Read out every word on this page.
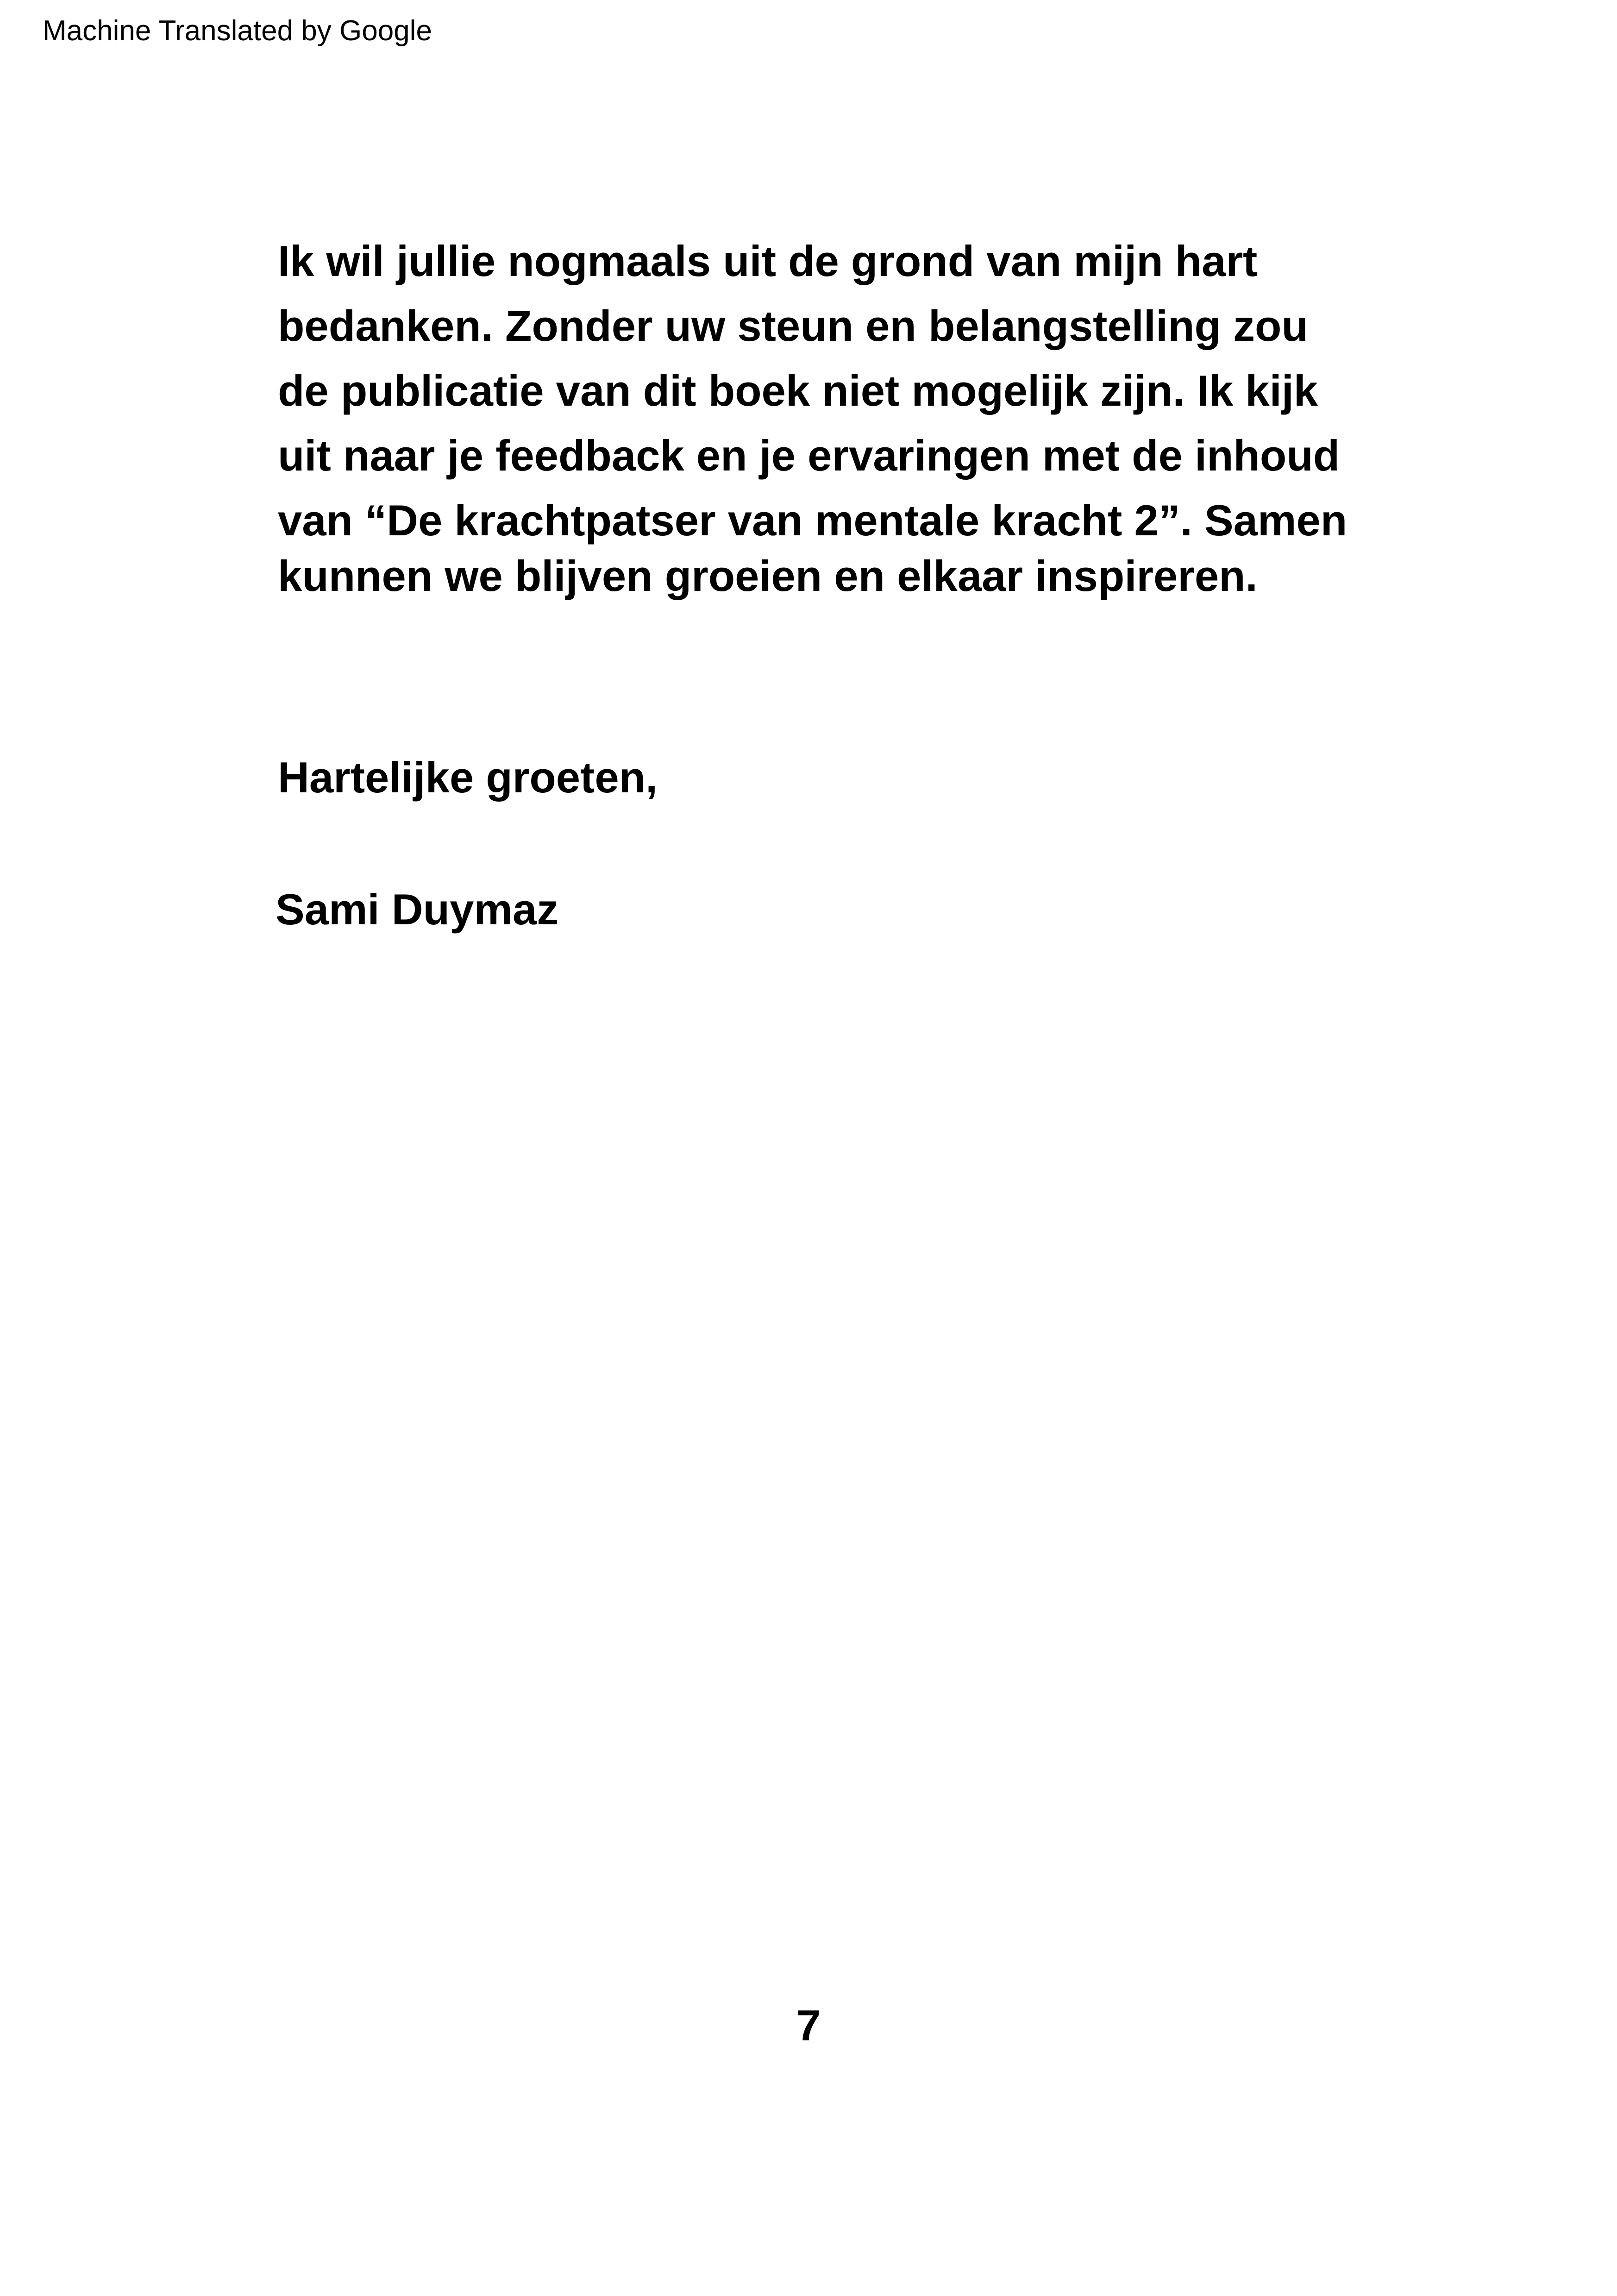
Machine Translated by Google
Ik wil jullie nogmaals uit de grond van mijn hart
bedanken. Zonder uw steun en belangstelling zou
de publicatie van dit boek niet mogelijk zijn. Ik kijk
uit naar je feedback en je ervaringen met de inhoud
van “De krachtpatser van mentale kracht 2”. Samen
kunnen we blijven groeien en elkaar inspireren.
Hartelijke groeten,
Sami Duymaz
7
